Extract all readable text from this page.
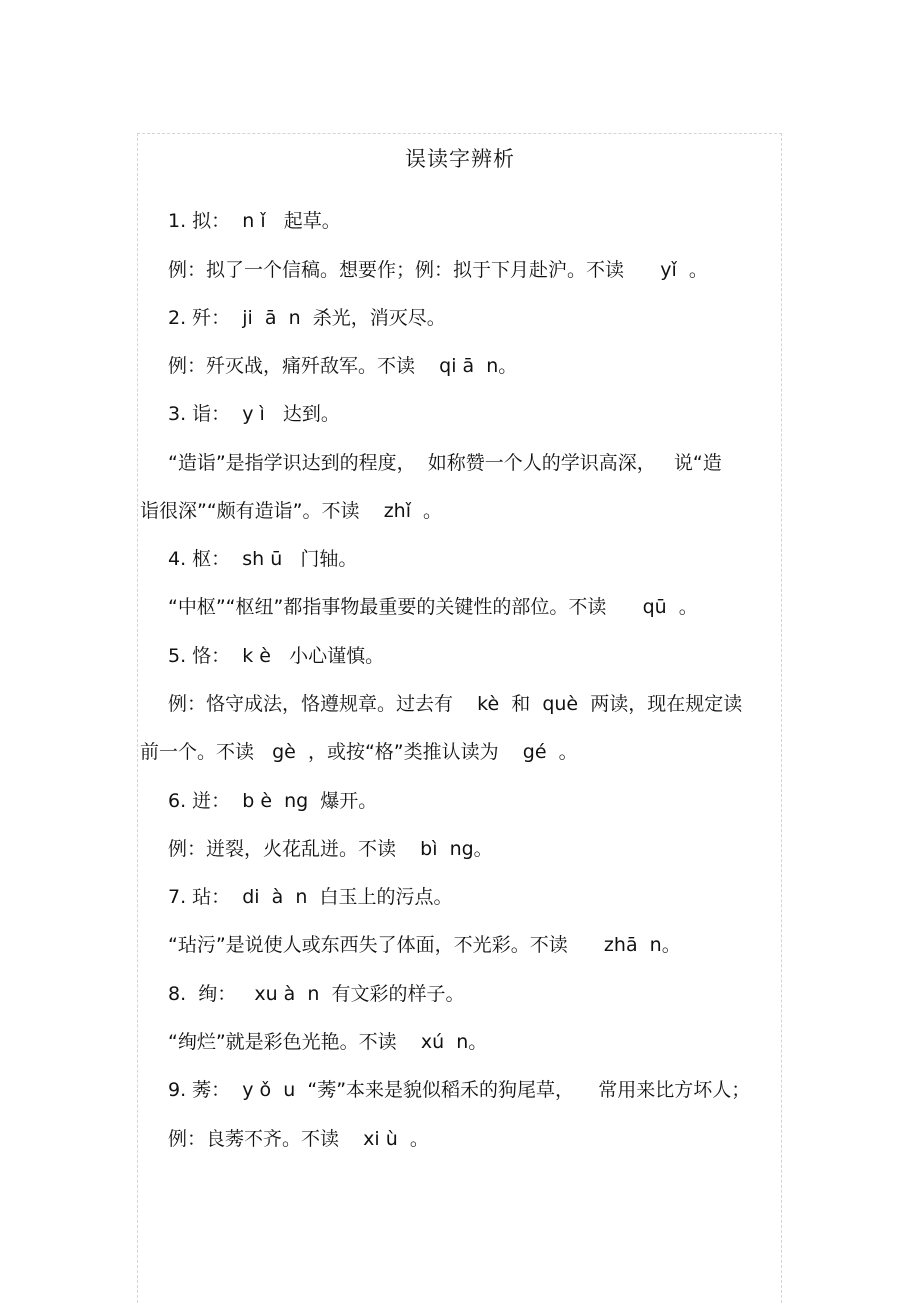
误读字辨析
1. 拟：  n ǐ   起草。
例：拟了一个信稿。想要作；例：拟于下月赴沪。不读      yǐ  。
2. 歼：  ji  ā  n  杀光，消灭尽。
例：歼灭战，痛歼敌军。不读    qi ā  n。
3. 诣：  y ì   达到。
“造诣”是指学识达到的程度，  如称赞一个人的学识高深，   说“造
诣很深”“颇有造诣”。不读    zhǐ  。
4. 枢：  sh ū   门轴。
“中枢”“枢纽”都指事物最重要的关键性的部位。不读      qū  。
5. 恪：  k è   小心谨慎。
例：恪守成法，恪遵规章。过去有    kè  和  què  两读，现在规定读
前一个。不读   gè  ，或按“格”类推认读为    gé  。
6. 迸：  b è  ng  爆开。
例：迸裂，火花乱迸。不读    bì  ng。
7. 玷：  di  à  n  白玉上的污点。
“玷污”是说使人或东西失了体面，不光彩。不读      zhā  n。
8.  绚：   xu à  n  有文彩的样子。
“绚烂”就是彩色光艳。不读    xú  n。
9. 莠：  y ǒ  u  “莠”本来是貌似稻禾的狗尾草，    常用来比方坏人；
例：良莠不齐。不读    xi ù  。
